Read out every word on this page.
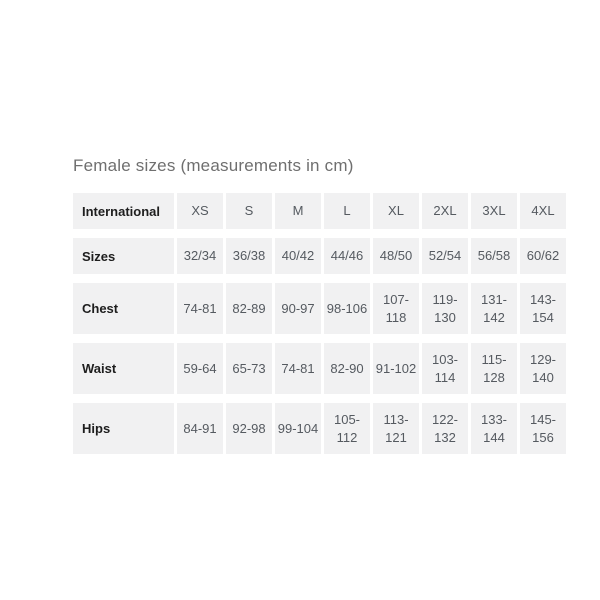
Female sizes (measurements in cm)
International	XS	S	M	L	XL	2XL	3XL	4XL
Sizes	32/34	36/38	40/42	44/46	48/50	52/54	56/58	60/62
Chest	74-81	82-89	90-97	98-106	107-118	119-130	131-142	143-154
Waist	59-64	65-73	74-81	82-90	91-102	103-114	115-128	129-140
Hips	84-91	92-98	99-104	105-112	113-121	122-132	133-144	145-156
